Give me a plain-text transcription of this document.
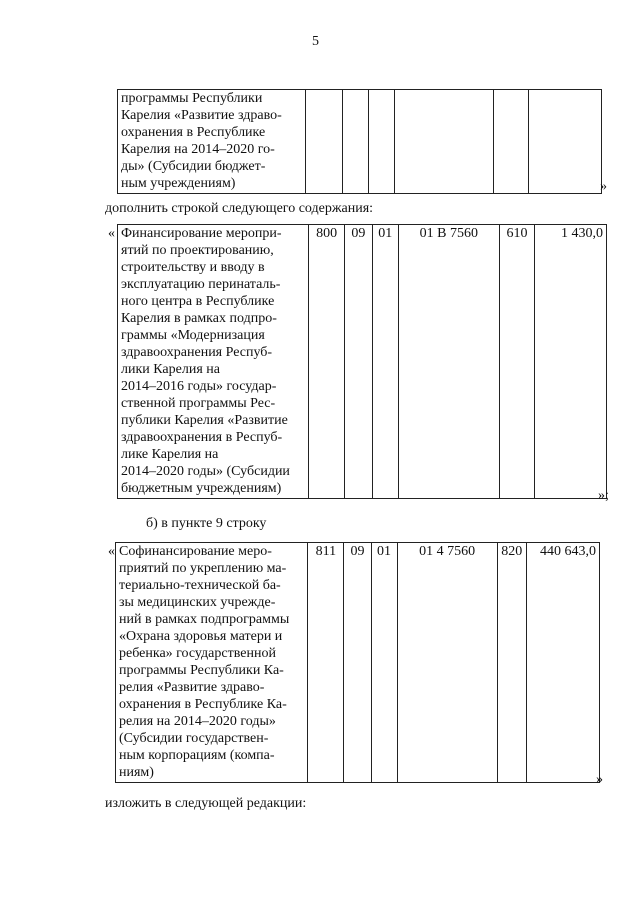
5
программы Республики
Карелия «Развитие здраво-
охранения в Республике
Карелия на 2014–2020 го-
ды» (Субсидии бюджет-
ным учреждениям)							»
дополнить строкой следующего содержания:
« Финансирование меропри-
ятий по проектированию,
строительству и вводу в
эксплуатацию перинаталь-
ного центра в Республике
Карелия в рамках подпро-
граммы «Модернизация
здравоохранения Респуб-
лики Карелия на
2014–2016 годы» государ-
ственной программы Рес-
публики Карелия «Развитие
здравоохранения в Респуб-
лике Карелия на
2014–2020 годы» (Субсидии
бюджетным учреждениям)	800	09	01	01 В 7560	610	1 430,0
»;
б) в пункте 9 строку
« Софинансирование меро-
приятий по укреплению ма-
териально-технической ба-
зы медицинских учрежде-
ний в рамках подпрограммы
«Охрана здоровья матери и
ребенка» государственной
программы Республики Ка-
релия «Развитие здраво-
охранения в Республике Ка-
релия на 2014–2020 годы»
(Субсидии государствен-
ным корпорациям (компа-
ниям)	811	09	01	01 4 7560	820	440 643,0
»
изложить в следующей редакции:
